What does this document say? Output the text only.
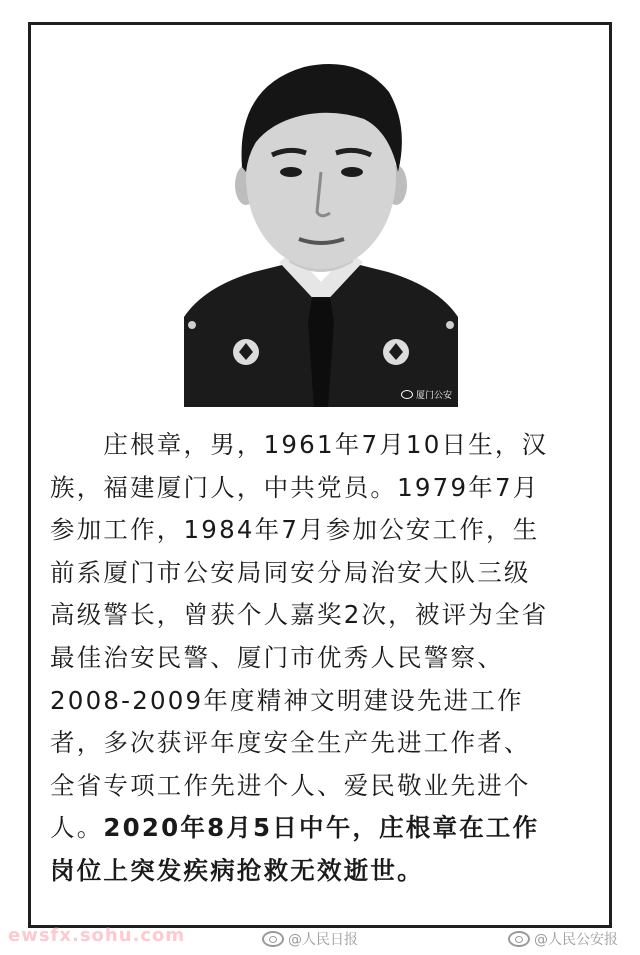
厦门公安
　　庄根章，男，1961年7月10日生，汉
族，福建厦门人，中共党员。1979年7月
参加工作，1984年7月参加公安工作，生
前系厦门市公安局同安分局治安大队三级
高级警长，曾获个人嘉奖2次，被评为全省
最佳治安民警、厦门市优秀人民警察、
2008-2009年度精神文明建设先进工作
者，多次获评年度安全生产先进工作者、
全省专项工作先进个人、爱民敬业先进个
人。2020年8月5日中午，庄根章在工作
岗位上突发疾病抢救无效逝世。
@人民日报	@人民公安报
ewsfx.sohu.com
